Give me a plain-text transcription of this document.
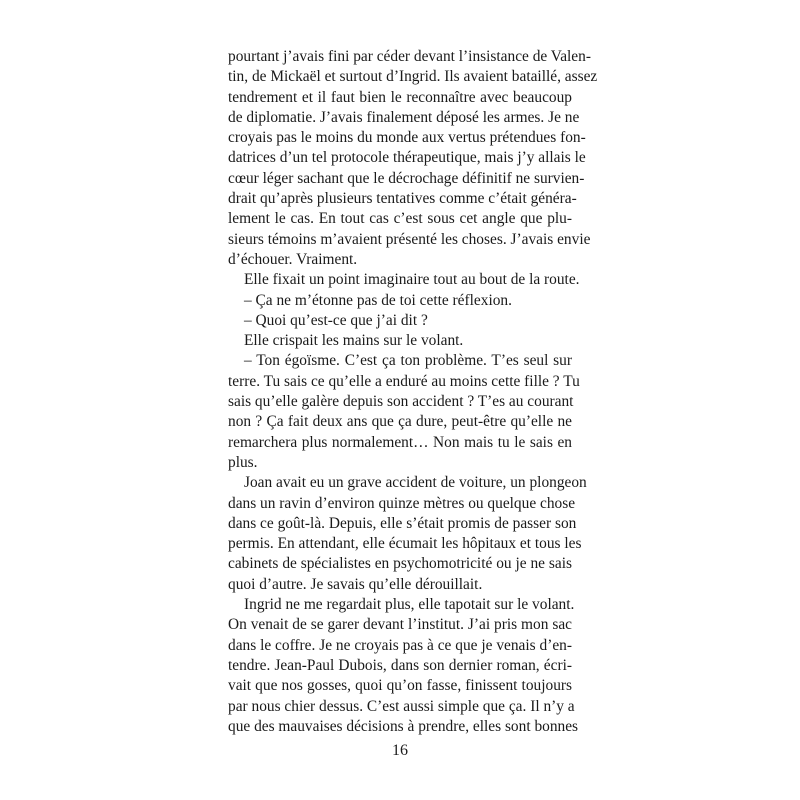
pourtant j’avais fini par céder devant l’insistance de Valen-
tin, de Mickaël et surtout d’Ingrid. Ils avaient bataillé, assez
tendrement et il faut bien le reconnaître avec beaucoup
de diplomatie. J’avais finalement déposé les armes. Je ne
croyais pas le moins du monde aux vertus prétendues fon-
datrices d’un tel protocole thérapeutique, mais j’y allais le
cœur léger sachant que le décrochage définitif ne survien-
drait qu’après plusieurs tentatives comme c’était généra-
lement le cas. En tout cas c’est sous cet angle que plu-
sieurs témoins m’avaient présenté les choses. J’avais envie
d’échouer. Vraiment.
Elle fixait un point imaginaire tout au bout de la route.
– Ça ne m’étonne pas de toi cette réflexion.
– Quoi qu’est-ce que j’ai dit ?
Elle crispait les mains sur le volant.
– Ton égoïsme. C’est ça ton problème. T’es seul sur
terre. Tu sais ce qu’elle a enduré au moins cette fille ? Tu
sais qu’elle galère depuis son accident ? T’es au courant
non ? Ça fait deux ans que ça dure, peut-être qu’elle ne
remarchera plus normalement… Non mais tu le sais en
plus.
Joan avait eu un grave accident de voiture, un plongeon
dans un ravin d’environ quinze mètres ou quelque chose
dans ce goût-là. Depuis, elle s’était promis de passer son
permis. En attendant, elle écumait les hôpitaux et tous les
cabinets de spécialistes en psychomotricité ou je ne sais
quoi d’autre. Je savais qu’elle dérouillait.
Ingrid ne me regardait plus, elle tapotait sur le volant.
On venait de se garer devant l’institut. J’ai pris mon sac
dans le coffre. Je ne croyais pas à ce que je venais d’en-
tendre. Jean-Paul Dubois, dans son dernier roman, écri-
vait que nos gosses, quoi qu’on fasse, finissent toujours
par nous chier dessus. C’est aussi simple que ça. Il n’y a
que des mauvaises décisions à prendre, elles sont bonnes
16
